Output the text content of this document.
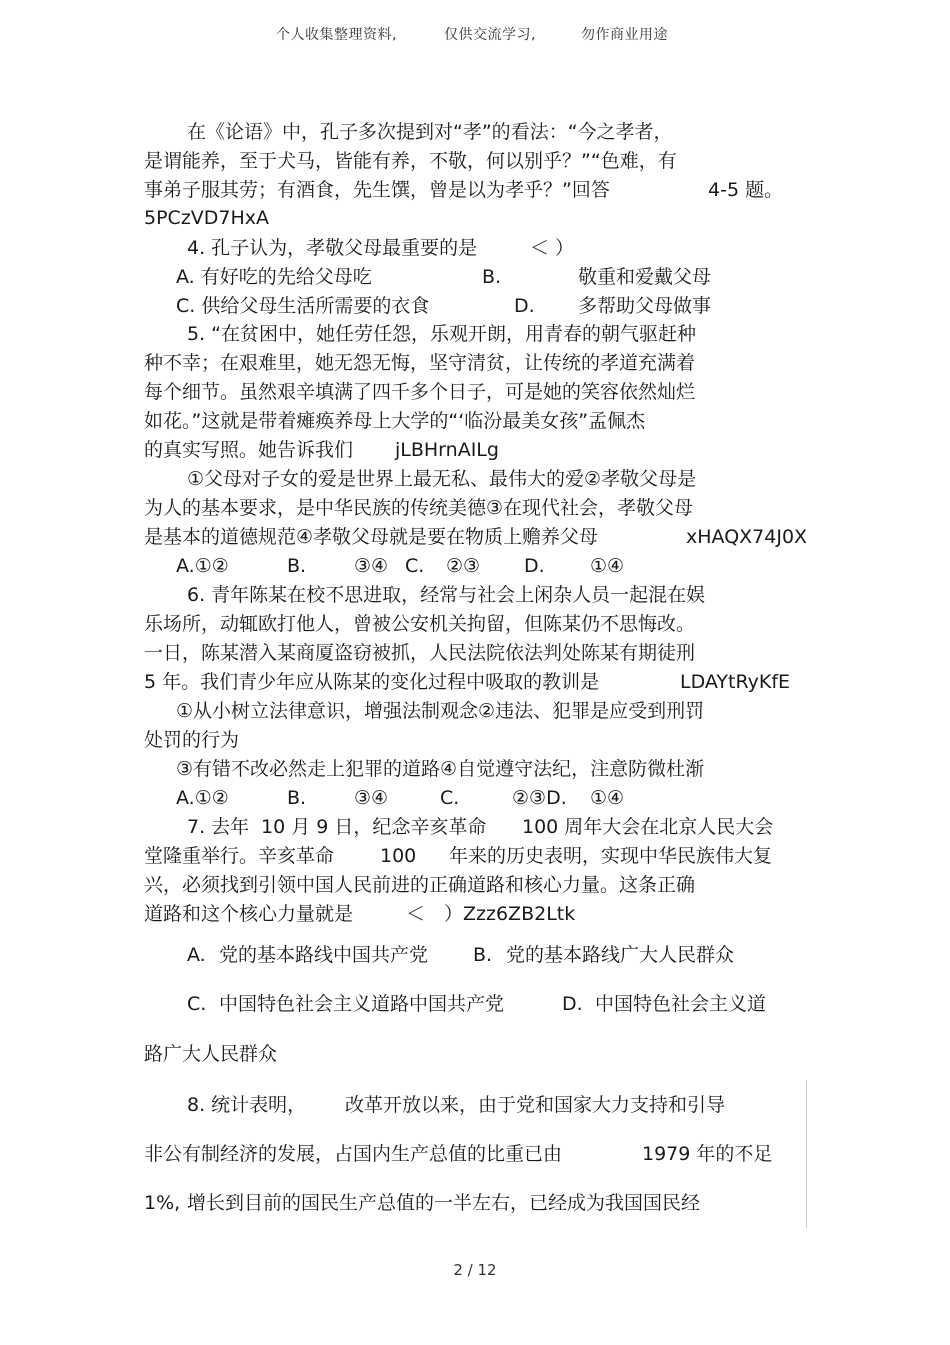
个人收集整理资料,	仅供交流学习,	勿作商业用途
在《论语》中，孔子多次提到对“孝”的看法：“今之孝者，
是谓能养，至于犬马，皆能有养，不敬，何以别乎？”“色难，有
事弟子服其劳；有酒食，先生馔，曾是以为孝乎？”回答	4-5 题。
5PCzVD7HxA
4. 孔子认为，孝敬父母最重要的是	＜ ）
A. 有好吃的先给父母吃	B.	敬重和爱戴父母
C. 供给父母生活所需要的衣食	D. 多帮助父母做事
5. “在贫困中，她任劳任怨，乐观开朗，用青春的朝气驱赶种
种不幸；在艰难里，她无怨无悔，坚守清贫，让传统的孝道充满着
每个细节。虽然艰辛填满了四千多个日子，可是她的笑容依然灿烂
如花。”这就是带着瘫痪养母上大学的“‘临汾最美女孩”孟佩杰
的真实写照。她告诉我们 jLBHrnAILg
①父母对子女的爱是世界上最无私、最伟大的爱②孝敬父母是
为人的基本要求，是中华民族的传统美德③在现代社会，孝敬父母
是基本的道德规范④孝敬父母就是要在物质上赡养父母	xHAQX74J0X
A.①②	B.	③④ C. ②③ D. ①④
6. 青年陈某在校不思进取，经常与社会上闲杂人员一起混在娱
乐场所，动辄欧打他人，曾被公安机关拘留，但陈某仍不思悔改。
一日，陈某潜入某商厦盗窃被抓，人民法院依法判处陈某有期徒刑
5 年。我们青少年应从陈某的变化过程中吸取的教训是	LDAYtRyKfE
①从小树立法律意识，增强法制观念②违法、犯罪是应受到刑罚
处罚的行为
③有错不改必然走上犯罪的道路④自觉遵守法纪，注意防微杜渐
A.①②	B.	③④	C.	②③D. ①④
7. 去年 10 月 9 日，纪念辛亥革命 100 周年大会在北京人民大会
堂隆重举行。辛亥革命 100 年来的历史表明，实现中华民族伟大复
兴，必须找到引领中国人民前进的正确道路和核心力量。这条正确
道路和这个核心力量就是	＜ ）Zzz6ZB2Ltk
A. 党的基本路线中国共产党 B. 党的基本路线广大人民群众
C. 中国特色社会主义道路中国共产党	D. 中国特色社会主义道
路广大人民群众
8. 统计表明， 改革开放以来，由于党和国家大力支持和引导
非公有制经济的发展，占国内生产总值的比重已由	1979 年的不足
1%, 增长到目前的国民生产总值的一半左右，已经成为我国国民经
2 / 12
